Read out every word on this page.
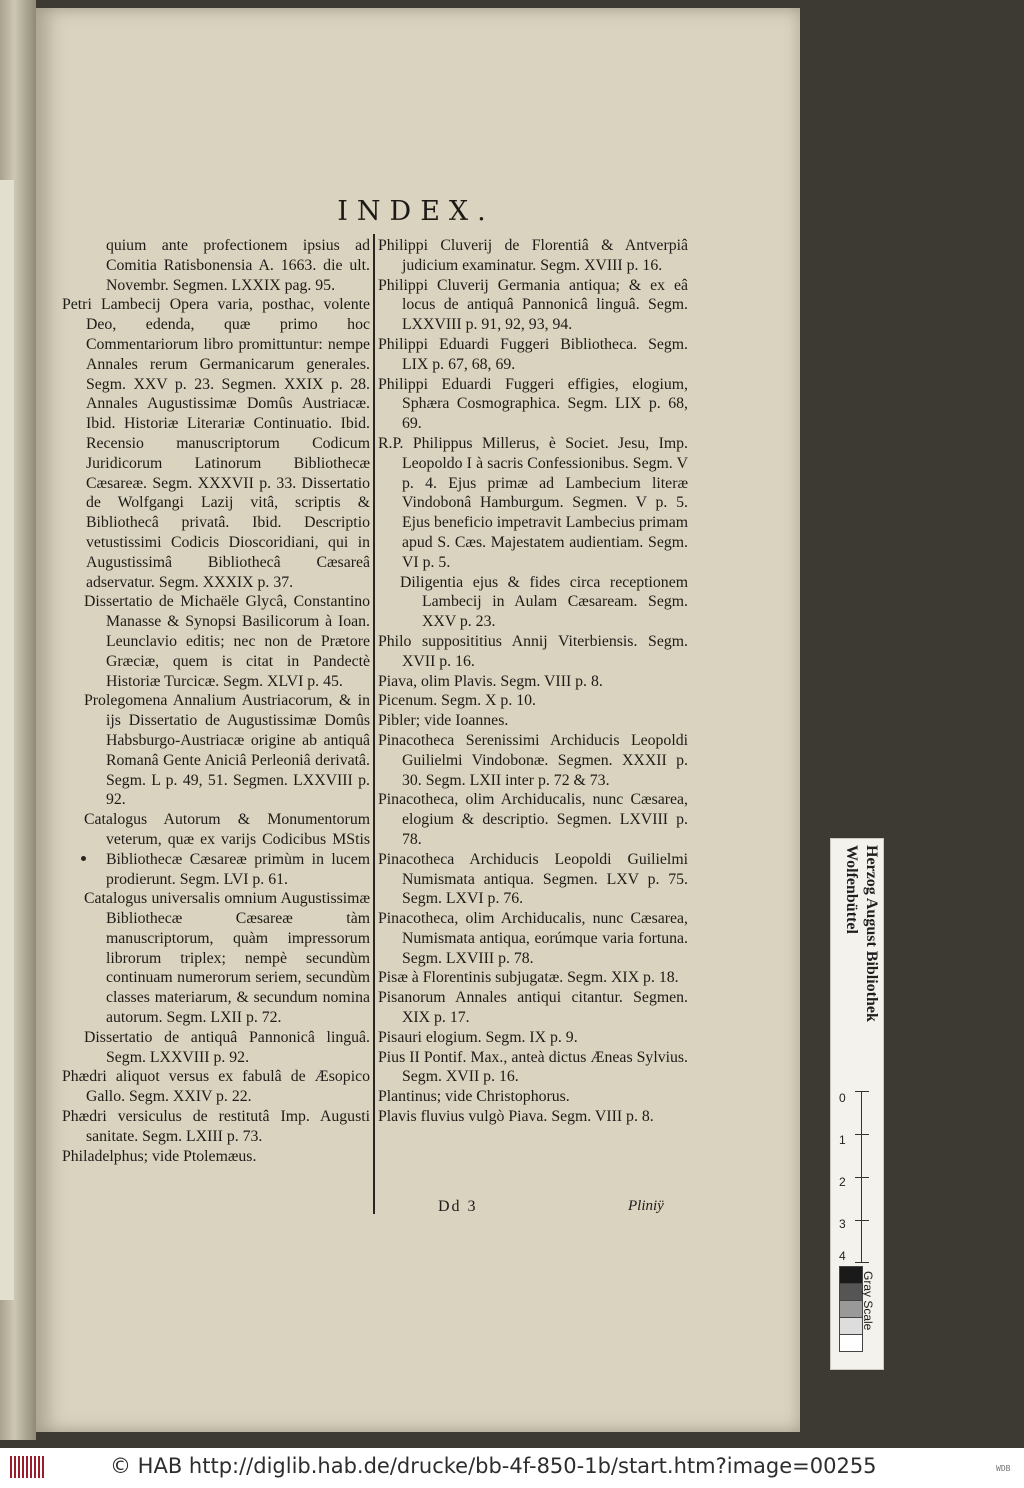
INDEX.

quium ante profectionem ipsius ad Comitia Ratisbonensia A. 1663. die ult. Novembr. Segmen. LXXIX pag. 95.

Petri Lambecij Opera varia, posthac, volente Deo, edenda, quæ primo hoc Commentariorum libro promittuntur: nempe Annales rerum Germanicarum generales. Segm. XXV p. 23. Segmen. XXIX p. 28. Annales Augustissimæ Domûs Austriacæ. Ibid. Historiæ Literariæ Continuatio. Ibid. Recensio manuscriptorum Codicum Juridicorum Latinorum Bibliothecæ Cæsareæ. Segm. XXXVII p. 33. Dissertatio de Wolfgangi Lazij vitâ, scriptis & Bibliothecâ privatâ. Ibid. Descriptio vetustissimi Codicis Dioscoridiani, qui in Augustissimâ Bibliothecâ Cæsareâ adservatur. Segm. XXXIX p. 37.

Dissertatio de Michaële Glycâ, Constantino Manasse & Synopsi Basilicorum à Ioan. Leunclavio editis; nec non de Prætore Græciæ, quem is citat in Pandectè Historiæ Turcicæ. Segm. XLVI p. 45.

Prolegomena Annalium Austriacorum, & in ijs Dissertatio de Augustissimæ Domûs Habsburgo-Austriacæ origine ab antiquâ Romanâ Gente Aniciâ Perleoniâ derivatâ. Segm. L p. 49, 51. Segmen. LXXVIII p. 92.

Catalogus Autorum & Monumentorum veterum, quæ ex varijs Codicibus MStis Bibliothecæ Cæsareæ primùm in lucem prodierunt. Segm. LVI p. 61.

Catalogus universalis omnium Augustissimæ Bibliothecæ Cæsareæ tàm manuscriptorum, quàm impressorum librorum triplex; nempè secundùm continuam numerorum seriem, secundùm classes materiarum, & secundum nomina autorum. Segm. LXII p. 72.

Dissertatio de antiquâ Pannonicâ linguâ. Segm. LXXVIII p. 92.

Phædri aliquot versus ex fabulâ de Æsopico Gallo. Segm. XXIV p. 22.

Phædri versiculus de restitutâ Imp. Augusti sanitate. Segm. LXIII p. 73.

Philadelphus; vide Ptolemæus.

Philippi Cluverij de Florentiâ & Antverpiâ judicium examinatur. Segm. XVIII p. 16.

Philippi Cluverij Germania antiqua; & ex eâ locus de antiquâ Pannonicâ linguâ. Segm. LXXVIII p. 91, 92, 93, 94.

Philippi Eduardi Fuggeri Bibliotheca. Segm. LIX p. 67, 68, 69.

Philippi Eduardi Fuggeri effigies, elogium, Sphæra Cosmographica. Segm. LIX p. 68, 69.

R.P. Philippus Millerus, è Societ. Jesu, Imp. Leopoldo I à sacris Confessionibus. Segm. V p. 4. Ejus primæ ad Lambecium literæ Vindobonâ Hamburgum. Segmen. V p. 5. Ejus beneficio impetravit Lambecius primam apud S. Cæs. Majestatem audientiam. Segm. VI p. 5.

Diligentia ejus & fides circa receptionem Lambecij in Aulam Cæsaream. Segm. XXV p. 23.

Philo supposititius Annij Viterbiensis. Segm. XVII p. 16.

Piava, olim Plavis. Segm. VIII p. 8.

Picenum. Segm. X p. 10.

Pibler; vide Ioannes.

Pinacotheca Serenissimi Archiducis Leopoldi Guilielmi Vindobonæ. Segmen. XXXII p. 30. Segm. LXII inter p. 72 & 73.

Pinacotheca, olim Archiducalis, nunc Cæsarea, elogium & descriptio. Segmen. LXVIII p. 78.

Pinacotheca Archiducis Leopoldi Guilielmi Numismata antiqua. Segmen. LXV p. 75. Segm. LXVI p. 76.

Pinacotheca, olim Archiducalis, nunc Cæsarea, Numismata antiqua, eorúmque varia fortuna. Segm. LXVIII p. 78.

Pisæ à Florentinis subjugatæ. Segm. XIX p. 18.

Pisanorum Annales antiqui citantur. Segmen. XIX p. 17.

Pisauri elogium. Segm. IX p. 9.

Pius II Pontif. Max., anteà dictus Æneas Sylvius. Segm. XVII p. 16.

Plantinus; vide Christophorus.

Plavis fluvius vulgò Piava. Segm. VIII p. 8.

Dd 3	Pliniÿ
Herzog August Bibliothek
Wolfenbüttel
0
1
2
3
4
Gray Scale
© HAB http://diglib.hab.de/drucke/bb-4f-850-1b/start.htm?image=00255	WDB
